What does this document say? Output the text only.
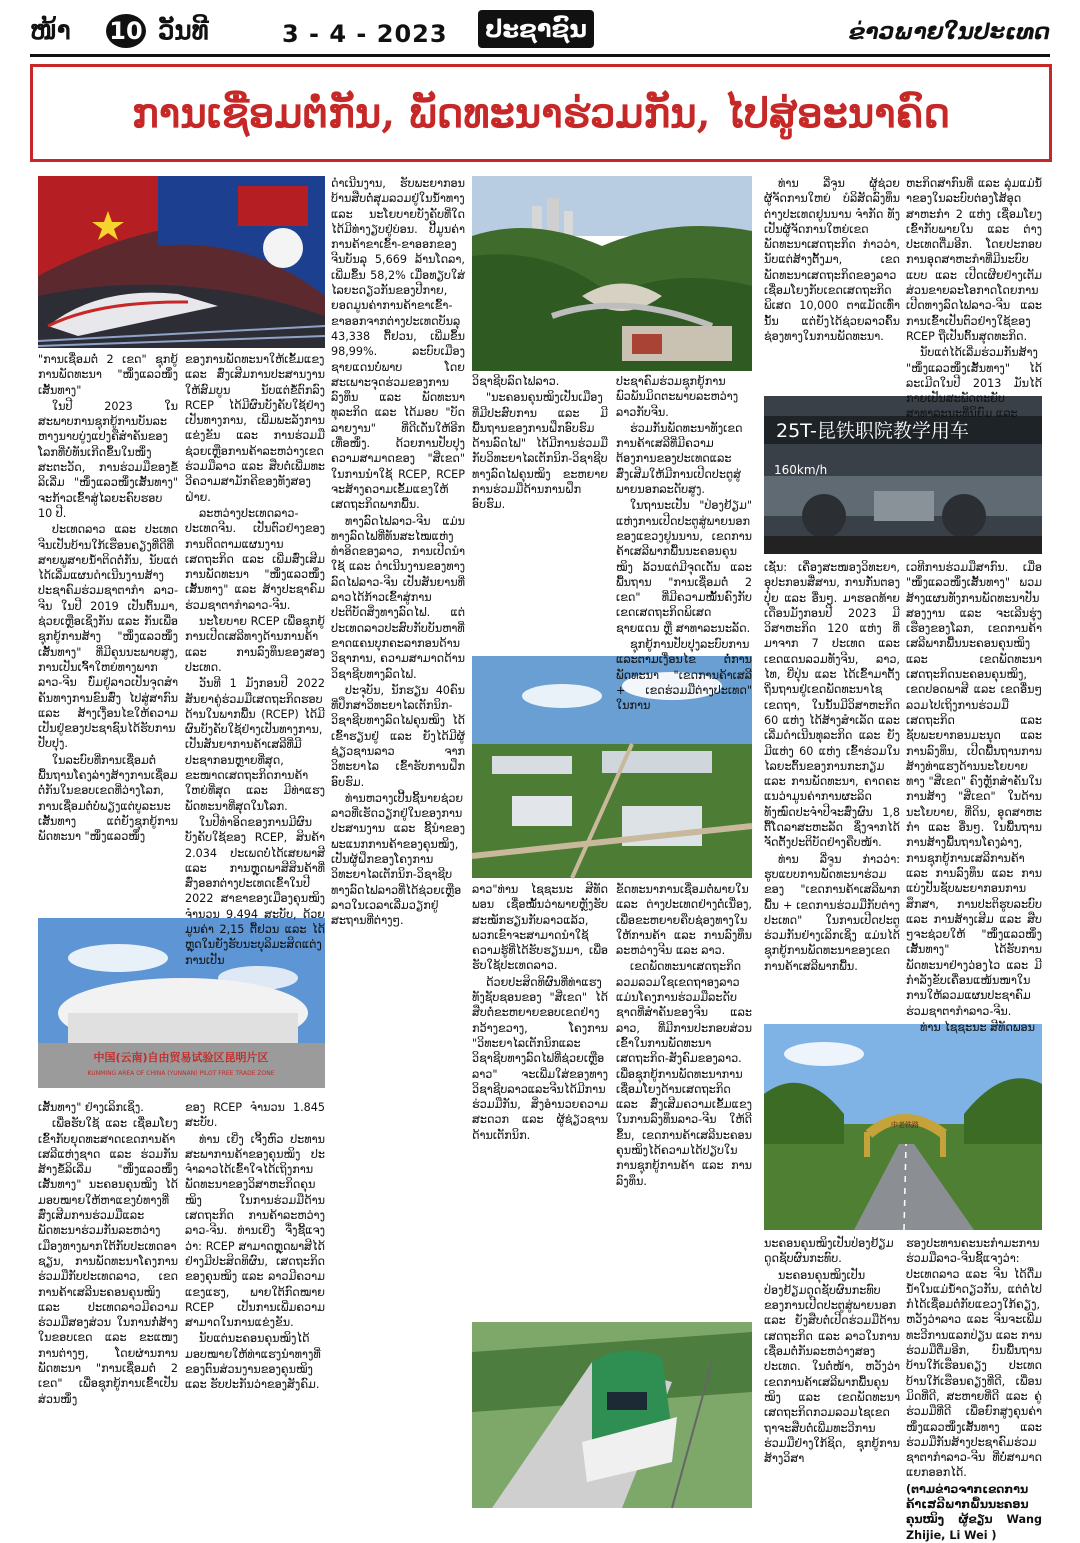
ໜ້າ 10 ວັນທີ	3 - 4 - 2023 ປະຊາຊົນ	ຂ່າວພາຍໃນປະເທດ
ການເຊື່ອມຕໍ່ກັນ, ພັດທະນາຮ່ວມກັນ, ໄປສູ່ອະນາຄົດ
25T-昆铁职院教学用车
160km/h
中国(云南)自由贸易试验区昆明片区
KUNMING AREA OF CHINA (YUNNAN) PILOT FREE TRADE ZONE
中老铁路

"ການເຊື່ອມຕໍ່ 2 ເຂດ" ຊຸກຍູ້ການພັດທະນາ "ໜຶ່ງແລວໜຶ່ງເສັ້ນທາງ"

ໃນປີ 2023 ໃນສະພາບການຊຸກຍູ້ການບັນລະຫາງນາບບູ່ງແປງຄືສໍາຄັນຂອງໂລກທີ່ບໍ່ທັນເກີດຂຶ້ນໃນໜຶ່ງສະຕະວັດ, ການຮ່ວມມືຂອງຂໍ້ລິເລີ່ມ "ໜຶ່ງແລວໜຶ່ງເສັ້ນທາງ" ຈະກ້າວເຂົ້າສູ່ໄລຍະຄົບຮອບ 10 ປີ.

ປະເທດລາວ ແລະ ປະເທດຈີນເປັນບ້ານໃກ້ເຮືອນຄຽງທີ່ດີທີ່ສາຍພູສາຍນໍ້າຕິດຕໍ່ກັນ, ນັບແຕ່ໄດ້ເລີ່ມແຜນດໍາເນີນງານສ້າງປະຊາຄົມຮ່ວມຊາຕາກໍາ ລາວ-ຈີນ ໃນປີ 2019 ເປັນຕົ້ນມາ, ຊ່ວຍເຫຼືອເຊິ່ງກັນ ແລະ ກັນເພື່ອຊຸກຍູ້ການສ້າງ "ໜຶ່ງແລວໜຶ່ງເສັ້ນທາງ" ທີ່ມີຄຸນນະພາບສູງ, ການເປັນເຈົ້າໃຫຍ່ທາງພາກລາວ-ຈີນ ບົ່ມຢູ່ລາວເປັນຈຸດສໍາຄັນທາງການຂົນສົ່ງ ໄປສູ່ສາກົນ ແລະ ສ້າງເງື່ອນໄຂໃຫ້ຄວາມເປັນຢູ່ຂອງປະຊາຊົນໄດ້ຮັບການປັບປຸງ.

ໃນລະບົບທີ່ການເຊື່ອມຕໍ່ພື້ນຖານໂຄງລ່າງສ້າງການເຊື່ອມຕໍ່ກັນໃນຂອບເຂດທີ່ວ່າງໂລກ, ການເຊື່ອມຕໍ່ບໍ່ພຽງແຕ່ບູລະນະເສັ້ນທາງ ແຕ່ຍັງຊຸກຍູ້ການພັດທະນາ "ໜຶ່ງແລວໜຶ່ງ

ເສັ້ນທາງ" ຢ່າງເລິກເຊິ່ງ.

ເພື່ອຮັບໃຊ້ ແລະ ເຊື່ອມໂຍງເຂົ້າກັບຍຸດທະສາດເຂດການຄ້າເສລີແຫ່ງຊາດ ແລະ ຮ່ວມກັນສ້າງຂໍ້ລິເລີ່ມ "ໜຶ່ງແລວໜຶ່ງເສັ້ນທາງ" ນະຄອນຄຸນໝິງ ໄດ້ມອບໝາຍໃຫ້ຫາແຂງບໍ່ທາງທີ່ສົ່ງເສີມການຮ່ວມມືແລະພັດທະນາຮ່ວມກັນລະຫວ່າງເມືອງທາງພາກໃຕ້ກັບປະເທດອາຊຽນ, ການພັດທະນາໂຄງການຮ່ວມມືກັບປະເທດລາວ, ເຂດການຄ້າເສລີນະຄອນຄຸນໝິງ ແລະ ປະເທດລາວມີຄວາມຮ່ວມມືສອງສ່ວນ ໃນການກໍ່ສ້າງໃນຂອບເຂດ ແລະ ຂະແໜງການຕ່າງໆ, ໂດຍຜ່ານການພັດທະນາ "ການເຊື່ອມຕໍ່ 2 ເຂດ" ເພື່ອຊຸກຍູ້ການເຂົ້າເປັນສ່ວນໜຶ່ງ

ຂອງການພັດທະນາໃຫ້ເຂັ້ມແຂງ ແລະ ສົ່ງເສີມການປະສານງານໃຫ້ສົມບູນ ນັບແຕ່ຂໍ້ຕົກລົງ RCEP ໄດ້ມີຜົນບັງຄັບໃຊ້ຢ່າງເປັນທາງການ, ເພີ່ມພະລັງການແຂ່ງຂັນ ແລະ ການຮ່ວມມືຊ່ວຍເຫຼືອການຄ້າລະຫວ່າງເຂດຮ່ວມມືລາວ ແລະ ສືບຕໍ່ເພີ່ມທະວີຄວາມສາມັກຄີຂອງທັງສອງຝ່າຍ.

ລະຫວ່າງປະເທດລາວ-ປະເທດຈີນ. ເປັນຕົວຢ່າງຂອງການຕິດຕາມແຜນງານເສດຖະກິດ ແລະ ເພີ່ມສົ່ງເສີມການພັດທະນາ "ໜຶ່ງແລວໜຶ່ງເສັ້ນທາງ" ແລະ ສ້າງປະຊາຄົມຮ່ວມຊາຕາກໍາລາວ-ຈີນ.

ນະໂຍບາຍ RCEP ເພື່ອຊຸກຍູ້ການເປີດເສລີທາງດ້ານການຄ້າ ແລະ ການລົງທຶນຂອງສອງປະເທດ.

ວັນທີ 1 ມັງກອນປີ 2022 ສັນຍາຄູ່ຮ່ວມມືເສດຖະກິດຮອບດ້ານໃນພາກພື້ນ (RCEP) ໄດ້ມີຜົນບັງຄັບໃຊ້ຢ່າງເປັນທາງການ, ເປັນສັນຍາການຄ້າເສລີທີ່ມີປະຊາກອນຫຼາຍທີ່ສຸດ, ຂະໜາດເສດຖະກິດການຄ້າໃຫຍ່ທີ່ສຸດ ແລະ ມີທ່າແຮງພັດທະນາທີ່ສຸດໃນໂລກ.

ໃນປີທໍາອິດຂອງການມີຜົນບັງຄັບໃຊ້ຂອງ RCEP, ສິນຄ້າ 2.034 ປະເພດບໍ່ໄດ້ເສຍພາສີ ແລະ ການຫຼຸດພາສີສິນຄ້າທີ່ສົ່ງອອກຕ່າງປະເທດເຂົ້າໃນປີ 2022 ສາຂາຂອງເມືອງຄຸນໝິງຈໍານວນ 9.494 ສະບັບ, ດ້ວຍມູນຄ່າ 2,15 ຕື້ຢວນ ແລະ ໄດ້ຫຼຸດໃນຍັງຮັບນະບຸລິມະສິດແຕ່ງການເປັນ

ຂອງ RCEP ຈໍານວນ 1.845 ສະບັບ.

ທ່ານ ເຍີ່ງ ເຈີ້ງຫົວ ປະທານສະພາການຄ້າຂອງຄຸນໝິງ ປະຈໍາລາວໄດ້ເຂົ້າໃຈໄດ້ເຖິງການພັດທະນາຂອງວິສາຫະກິດຄຸນໝິງ ໃນການຮ່ວມມືດ້ານເສດຖະກິດ ການຄ້າລະຫວ່າງລາວ-ຈີນ. ທ່ານເຍີ່ງ ຈື່ງຊີ້ແຈງວ່າ: RCEP ສາມາດຫຼຸດພາສີໄດ້ຢ່າງມີປະສິດທິຜົນ, ເສດຖະກິດຂອງຄຸນໝິງ ແລະ ລາວມີຄວາມແຂງແຮງ, ພາຍໃຕ້ກົດໝາຍ RCEP ເປັນການເພີ່ມຄວາມສາມາດໃນການແຂ່ງຂັນ.

ນັບແຕ່ນະຄອນຄຸນໝິງໄດ້ມອບໝາຍໃຫ້ທ່າແຮງນຳທາງທີ່ຂອງຕົນສ່ວນງານຂອງຄຸນໝິງ ແລະ ຮັບປະກັນວ່າຂອງສັງຄົມ.

ດໍາເນີນງານ, ຮັບພະຍາກອນບ້ານສືບຕໍ່ສຸມລວມຢູ່ໃນນ້ຳທາງ ແລະ ນະໂຍບາຍບັງຄັບທີ່ໃດໄດ້ມີທ່າງຽບຢູ່ບ່ອນ. ປີ້ມູນຄ່າການຄ້າຂາເຂົ້າ-ຂາອອກຂອງຈີນບັນລຸ 5,669 ລ້ານໂດລາ, ເພີ່ມຂຶ້ນ 58,2% ເມື່ອທຽບໃສ່ໄລຍະດຽວກັນຂອງປີກາຍ, ຍອດມູນຄ່າການຄ້າຂາເຂົ້າ-ຂາອອກຈາກຕ່າງປະເທດບັນລຸ 43,338 ຕື້ຢວນ, ເພີ່ມຂຶ້ນ 98,99%. ລະບົບເມືອງຊາຍແດນບໍ່ພາບ ໂດຍສະເພາະຈຸດຮ່ວມຂອງການລົງທຶນ ແລະ ພັດທະນາທຸລະກິດ ແລະ ໄດ້ມອບ "ບັດລາຍງານ" ທີ່ດີເດັ່ນໃຫ້ອີກເທື່ອໜຶ່ງ. ດ້ວຍການປັບປຸງຄວາມສາມາດຂອງ "ສີ່ເຂດ" ໃນການນໍາໃຊ້ RCEP, RCEP ຈະສ້າງຄວາມເຂັ້ມແຂງໃຫ້ເສດຖະກິດພາກພື້ນ.

ທາງລົດໄຟລາວ-ຈີນ ແມ່ນທາງລົດໄຟທີ່ທັນສະໄໝແຫ່ງທໍາອິດຂອງລາວ, ການເປີດນໍາໃຊ້ ແລະ ດໍາເນີນງານຂອງທາງລົດໄຟລາວ-ຈີນ ເປັນສັນຍານທີ່ລາວໄດ້ກ້າວເຂົ້າສູ່ການປະຕິບັດສິ່ງທາງລົດໄຟ. ແຕ່ປະເທດລາວປະສົບກັບບັນຫາທີ່ຂາດແຄນບຸກຄະລາກອນດ້ານວິຊາການ, ຄວາມສາມາດດ້ານວິຊາຊີບທາງລົດໄຟ.

ປະຈຸບັນ, ນັກຮຽນ 40ຄົນ ທີ່ປຶກສາວິທະຍາໄລເຕັກນິກ-ວິຊາຊີບທາງລົດໄຟຄຸນໝິງ ໄດ້ເຂົ້າຮຽນຢູ່ ແລະ ຍັງໄດ້ມີຜູ້ຊ່ຽວຊານລາວ ຈາກວິທະຍາໄລ ເຂົ້າຮັບການຝຶກອົບຮົມ.

ທ່ານຫວາງເປີ້ນຊີ້ນາຍຊ່ວຍລາວທີ່ເຮັດວຽກຢູ່ໃນຂອງການປະສານງານ ແລະ ຊີ້ນໍາຂອງພະແນກການຄ້າຂອງຄຸນໝິງ, ເປັນຜູ້ຝຶກຂອງໂຄງການວິທະຍາໄລເຕັກນິກ-ວິຊາຊີບທາງລົດໄຟລາວທີ່ໄດ້ຊ່ວຍເຫຼືອລາວໃນເວລາເລີ່ມວຽກຢູ່ສະຖານທີ່ຕ່າງໆ.

ວິຊາຊີບລົດໄຟລາວ.

"ນະຄອນຄຸນໝິງເປັນເມືອງທີ່ມີປະສົບການ ແລະ ມີພື້ນຖານຂອງການຝຶກອົບຮົມ ດ້ານລົດໄຟ" ໄດ້ມີການຮ່ວມມືກັບວິທະຍາໄລເຕັກນິກ-ວິຊາຊີບທາງລົດໄຟຄຸນໝິງ ຂະຫຍາຍການຮ່ວມມືດ້ານການຝຶກອົບຮົມ.

ປະຊາຄົມຮ່ວມຊຸກຍູ້ການພົວພັນມິດຕະພາບລະຫວ່າງລາວກັບຈີນ.

ຮ່ວມກັນພັດທະນາທັງເຂດການຄ້າເສລີທີ່ມີຄວາມຕ້ອງການຂອງປະເທດແລະສົ່ງເສີມໃຫ້ມີການເປີດປະຕູສູ່ພາຍນອກລະດັບສູງ.

ໃນຖານະເປັນ "ປ່ອງຢ້ຽມ" ແຫ່ງການເປີດປະຕູສູ່ພາຍນອກຂອງແຂວງຢູນນານ, ເຂດການຄ້າເສລີພາກພື້ນນະຄອນຄຸນໝິງ ລ້ວນແຕ່ມີຈຸດເດັ່ນ ແລະ ພື້ນຖານ "ການເຊື່ອມຕໍ່ 2 ເຂດ" ທີ່ມີຄວາມໝັ້ນຄົງກັບເຂດເສດຖະກິດພິເສດ ຊາຍແດນ ຫຼື ສາທາລະນະລັດ.

ຊຸກຍູ້ການປັບປຸງລະບົບການແລະຕາມເງື່ອນໄຂ ຕໍ່ການພັດທະນາ "ເຂດການຄ້າເສລີ + ເຂດຮ່ວມມືຕ່າງປະເທດ" ໃນການ

ລາວ"ທ່ານ ໄຊຊະນະ ສີທັດພອນ ເຊື່ອໝັ້ນວ່າພາຍຫຼັງຮັບສະໝັກຮຽນກັບລາວແລ້ວ, ພວກເຂົາຈະສາມາດນໍາໃຊ້ຄວາມຮູ້ທີ່ໄດ້ຮັບຮຽນມາ, ເພື່ອຮັບໃຊ້ປະເທດລາວ.

ດ້ວຍປະສິດທິຜົນທີ່ທ່າແຮງທັງຊັບຊອນຂອງ "ສີ່ເຂດ" ໄດ້ສືບຕໍ່ຂະຫຍາຍຂອບເຂດຢ່າງກວ້າງຂວາງ, ໂຄງການ "ວິທະຍາໄລເຕັກນິກແລະວິຊາຊີບທາງລົດໄຟທີ່ຊ່ວຍເຫຼືອລາວ" ຈະເພີ່ມໃສ່ຂອງທາງວິຊາຊີບລາວແລະຈີນໄດ້ມີການຮ່ວມມືກັນ, ສິ່ງອໍານວຍຄວາມສະດວກ ແລະ ຜູ້ຊ່ຽວຊານດ້ານເຕັກນິກ.

ຂັດທະນາການເຊື່ອມຕໍ່ພາຍໃນ ແລະ ຕ່າງປະເທດຢ່າງຕໍ່ເນື່ອງ, ເພື່ອຂະຫຍາຍຄືບຊ່ອງທາງໃນໃຫ້ການຄ້າ ແລະ ການລົງທຶນລະຫວ່າງຈີນ ແລະ ລາວ.

ເຂດພັດທະນາເສດຖະກິດລວມລວມໃຊເຂດຖາອງລາວແມ່ນໂຄງການຮ່ວມມືລະດັບຊາດທີ່ສໍາຄັນຂອງຈີນ ແລະ ລາວ, ທີ່ມີການປະກອບສ່ວນເຂົ້າໃນການພັດທະນາເສດຖະກິດ-ສັງຄົມຂອງລາວ. ເພື່ອຊຸກຍູ້ການພັດທະນາການເຊື່ອມໂຍງດ້ານເສດຖະກິດ ແລະ ສົ່ງເສີມຄວາມເຂັ້ມແຂງໃນການລົງທຶນລາວ-ຈີນ ໃຫ້ດີຂຶ້ນ, ເຂດການຄ້າເສລີນະຄອນຄຸນໝິງໄດ້ຄວາມໄດ້ປຽບໃນການຊຸກຍູ້ການຄ້າ ແລະ ການລົງທຶນ.

ທ່ານ ລີ່ຈູນ ຜູ້ຊ່ວຍຜູ້ຈັດການໃຫຍ່ ບໍລິສັດລົງທຶນຕ່າງປະເທດຢູນນານ ຈໍາກັດ ທັງເປັນຜູ້ຈັດການໃຫຍ່ເຂດພັດທະນາເສດຖະກິດ ກ່າວວ່າ, ນັບແຕ່ສ້າງຕັ້ງມາ, ເຂດພັດທະນາເສດຖະກິດຂອງລາວ ເຊື່ອມໂຍງກັບເຂດເສດຖະກິດພິເສດ 10,000 ຕາແມັດເທົ່ານັ້ນ ແຕ່ຍັງໄດ້ຊ່ວຍລາວຄົ້ນຊ່ອງທາງໃນການພັດທະນາ.

ເຊັ່ນ: ເຄື່ອງສະໜອງວິທະຍາ, ອຸປະກອນສື່ສານ, ການກັ່ນຕອງປຸ໋ຍ ແລະ ອື່ນໆ. ມາຮອດທ້າຍເດືອນມັງກອນປີ 2023 ມີວິສາຫະກິດ 120 ແຫ່ງ ທີ່ມາຈາກ 7 ປະເທດ ແລະ ເຂດແດນລວມທັງຈີນ, ລາວ, ໄທ, ຍີ່ປຸ່ນ ແລະ ໄດ້ເຂົ້າມາຕັ້ງຖິ່ນຖານຢູ່ເຂດພັດທະນາໄຊເຂດຖາ, ໃນນັ້ນມີວິສາຫະກິດ 60 ແຫ່ງ ໄດ້ສ້າງສໍາເລັດ ແລະ ເລີ່ມດໍາເນີນທຸລະກິດ ແລະ ຍັງມີແຫ່ງ 60 ແຫ່ງ ເຂົ້າຮ່ວມໃນໄລຍະຕົ້ນຂອງການກະກຽມ ແລະ ການພັດທະນາ, ຄາດຄະແນວ່າມູນຄ່າການຜະລິດທັງໝົດປະຈໍາປີຈະສົ່ງຜົນ 1,8 ຕື້ໂດລາສະຫະລັດ ຊຶ່ງຈາກໄດ້ຈັດຕັ້ງປະຕິບັດຢ່າງຄືບໜ້າ.

ທ່ານ ລີ່ຈູນ ກ່າວວ່າ: ຮູບແບບການພັດທະນາຮ່ວມຂອງ "ເຂດການຄ້າເສລີພາກພື້ນ + ເຂດການຮ່ວມມືກັບຕ່າງປະເທດ" ໃນການເປີດປະຕູຮ່ວມກັນຢ່າງເລິກເຊິ່ງ ແມ່ນໄດ້ຊຸກຍູ້ການພັດທະນາຂອງເຂດການຄ້າເສລີພາກພື້ນ.

ນະຄອນຄຸນໝິງເປັນປ່ອງຢ້ຽມ ດູດຊັບຜົນກະທົບ.

ນະຄອນຄຸນໝິງເປັນປ່ອງຢ້ຽມດູດຊັບຜົນກະທົບຂອງການເປີດປະຕູສູ່ພາຍນອກ ແລະ ຍັງສືບຕໍ່ເປີດຮ່ວມມືດ້ານເສດຖະກິດ ແລະ ລາວໃນການເຊື່ອມຕໍ່ກັນລະຫວ່າງສອງປະເທດ. ໃນຕໍ່ໜ້າ, ຫວັງວ່າເຂດການຄ້າເສລີພາກພື້ນຄຸນໝິງ ແລະ ເຂດພັດທະນາເສດຖະກິດກວມລວມໄຊເຂດຖາຈະສືບຕໍ່ເພີ່ມທະວີການຮ່ວມມືຢ່າງໃກ້ຊິດ, ຊຸກຍູ້ການສ້າງວິສາ

ຫະກິດສາກົນທີ່ ແລະ ລຸ່ມແມ່ນ້ໍາຂອງໃນລະບົບຕ່ອງໂສ້ອຸດສາຫະກໍາ 2 ແຫ່ງ ເຊື່ອມໂຍງເຂົ້າກັບພາຍໃນ ແລະ ຕ່າງປະເທດຕື່ມອີກ. ໂດຍປະກອບການອຸດສາຫະກໍາທີ່ມີນະບົບແບບ ແລະ ເປີດເຜີຍຢ່າງເຕັມສ່ວນຂາຍລະໂອກາດໂດຍການເປີດທາງລົດໄຟລາວ-ຈີນ ແລະ ການເຂົ້າເປັນຕົວຢ່າງໃຊ້ຂອງ RCEP ຖືເປັນຕົ້ນສຸດທະກິດ.

ນັບແຕ່ໄດ້ເລີ່ມຮ່ວມກັນສ້າງ "ໜຶ່ງແລວໜຶ່ງເສັ້ນທາງ" ໄດ້ລະເມີດໃນປີ 2013 ມັນໄດ້ກາຍເປັນສະພັດຕະຍັບສາທາລະນະທີ່ນິຍົມ ແລະ

ເວທີການຮ່ວມມືສາກົນ. ເມື່ອ "ໜຶ່ງແລວໜຶ່ງເສັ້ນທາງ" ພວມສ້າງແຜນທັງການພັດທະນາປັນສອງງານ ແລະ ຈະເລີນຮຸ່ງເຮືອງຂອງໂລກ, ເຂດການຄ້າເສລີພາກພື້ນນະຄອນຄຸນໝິງ ແລະ ເຂດພັດທະນາເສດຖະກິດນະຄອນຄຸນໝິງ, ເຂດປອດພາສີ ແລະ ເຂດອື່ນໆ ລວມໄປເຖິງການຮ່ວມມືເສດຖະກິດ ແລະ ຊັບພະຍາກອນມະນຸດ ແລະ ການລົງທຶນ, ເປີດພື້ນຖານການສ້າງທ່າແຮງດ້ານນະໂຍບາຍທາງ "ສີ່ເຂດ" ຄົງຫຼັກສໍາຄັນໃນການສ້າງ "ສີ່ເຂດ" ໃນດ້ານນະໂຍບາຍ, ທີ່ດິນ, ອຸດສາຫະກໍາ ແລະ ອື່ນໆ. ໃນພື້ນຖານການສ້າງພື້ນຖານໂຄງລ່າງ, ການຊຸກຍູ້ການເສລີການຄ້າ ແລະ ການລົງທຶນ ແລະ ການແບ່ງປັນຊັບພະຍາກອນການສຶກສາ, ການປະຕິຮູບລະບົບ ແລະ ການສ້າງເສີມ ແລະ ສືບໆຈະຊ່ວຍໃຫ້ "ໜຶ່ງແລວໜຶ່ງເສັ້ນທາງ" ໄດ້ຮັບການພັດທະນາຢ່າງວ່ອງໄວ ແລະ ມີກໍາລັງຂັບເຄື່ອນແໜ້ນໜາໃນການໃຫ້ລວມແຜນປະຊາຄົມຮ່ວມຊາຕາກໍາລາວ-ຈີນ.

ທ່ານ ໄຊຊະນະ ສີທັດພອນ

ຮອງປະທານຄະນະກໍາມະການຮ່ວມມືລາວ-ຈີນຊີ້ແຈງວ່າ: ປະເທດລາວ ແລະ ຈີນ ໄດ້ດື່ມນໍ້າໃນແມ່ນ້ຳດຽວກັນ, ແຕ່ຕໍ່ໄປກໍໄດ້ເຊື່ອມຕໍ່ກັບແຂວງໃກ້ຄຽງ, ຫວັງວ່າລາວ ແລະ ຈີນຈະເພີ່ມທະວີການແລກປ່ຽນ ແລະ ການຮ່ວມມືຕື່ມອີກ, ບົນພື້ນຖານບ້ານໃກ້ເຮືອນຄຽງ ປະເທດບ້ານໃກ້ເຮືອນຄຽງທີ່ດີ, ເພື່ອນມິດທີ່ດີ, ສະຫາຍທີ່ດີ ແລະ ຄູ່ຮ່ວມມືທີ່ດີ ເພື່ອຍົກສູງຄຸນຄ່າ ໜຶ່ງແລວໜຶ່ງເສັ້ນທາງ ແລະ ຮ່ວມມືກັນສ້າງປະຊາຄົມຮ່ວມຊາຕາກໍາລາວ-ຈີນ ທີ່ບໍ່ສາມາດແຍກອອກໄດ້.

(ຕາມຂ່າວຈາກເຂດການຄ້າເສລີພາກພື້ນນະຄອນຄຸນໝິງ ຜູ້ຂຽນ Wang Zhijie, Li Wei )
